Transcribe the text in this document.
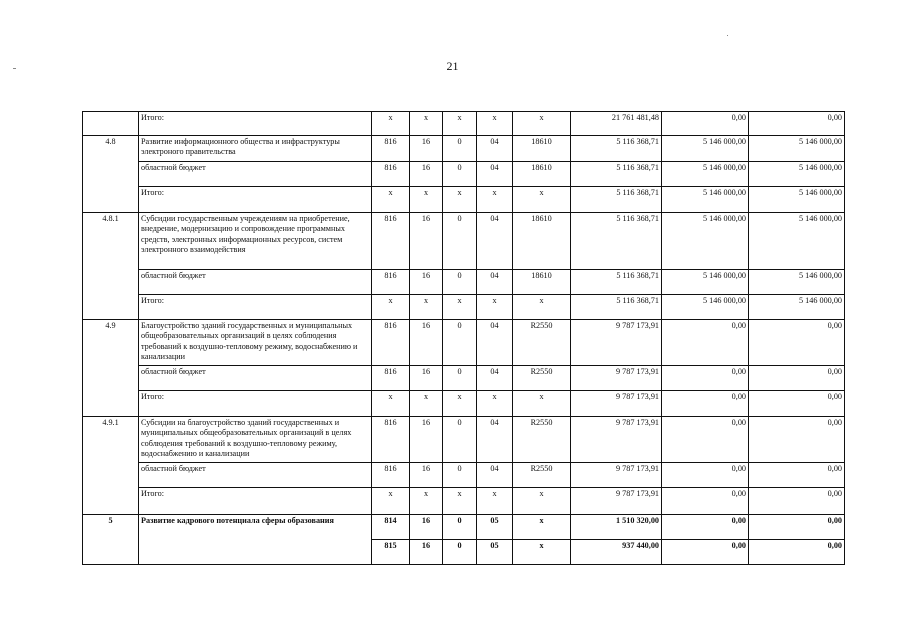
21
	Итого:	x	x	x	x	x	21 761 481,48	0,00	0,00
4.8	Развитие информационного общества и инфраструктуры электроного правительства	816	16	0	04	18610	5 116 368,71	5 146 000,00	5 146 000,00
	областной бюджет	816	16	0	04	18610	5 116 368,71	5 146 000,00	5 146 000,00
	Итого:	x	x	x	x	x	5 116 368,71	5 146 000,00	5 146 000,00
4.8.1	Субсидии государственным учреждениям на приобретение, внедрение, модернизацию и сопровождение программных средств, электронных информационных ресурсов, систем электронного взаимодействия	816	16	0	04	18610	5 116 368,71	5 146 000,00	5 146 000,00
	областной бюджет	816	16	0	04	18610	5 116 368,71	5 146 000,00	5 146 000,00
	Итого:	x	x	x	x	x	5 116 368,71	5 146 000,00	5 146 000,00
4.9	Благоустройство зданий государственных и муниципальных общеобразовательных организаций в целях соблюдения требований к воздушно-тепловому режиму, водоснабжению и канализации	816	16	0	04	R2550	9 787 173,91	0,00	0,00
	областной бюджет	816	16	0	04	R2550	9 787 173,91	0,00	0,00
	Итого:	x	x	x	x	x	9 787 173,91	0,00	0,00
4.9.1	Субсидии на благоустройство зданий государственных и муниципальных общеобразовательных организаций в целях соблюдения требований к воздушно-тепловому режиму, водоснабжению и канализации	816	16	0	04	R2550	9 787 173,91	0,00	0,00
	областной бюджет	816	16	0	04	R2550	9 787 173,91	0,00	0,00
	Итого:	x	x	x	x	x	9 787 173,91	0,00	0,00
5	Развитие кадрового потенциала сферы образования	814	16	0	05	x	1 510 320,00	0,00	0,00
		815	16	0	05	x	937 440,00	0,00	0,00
